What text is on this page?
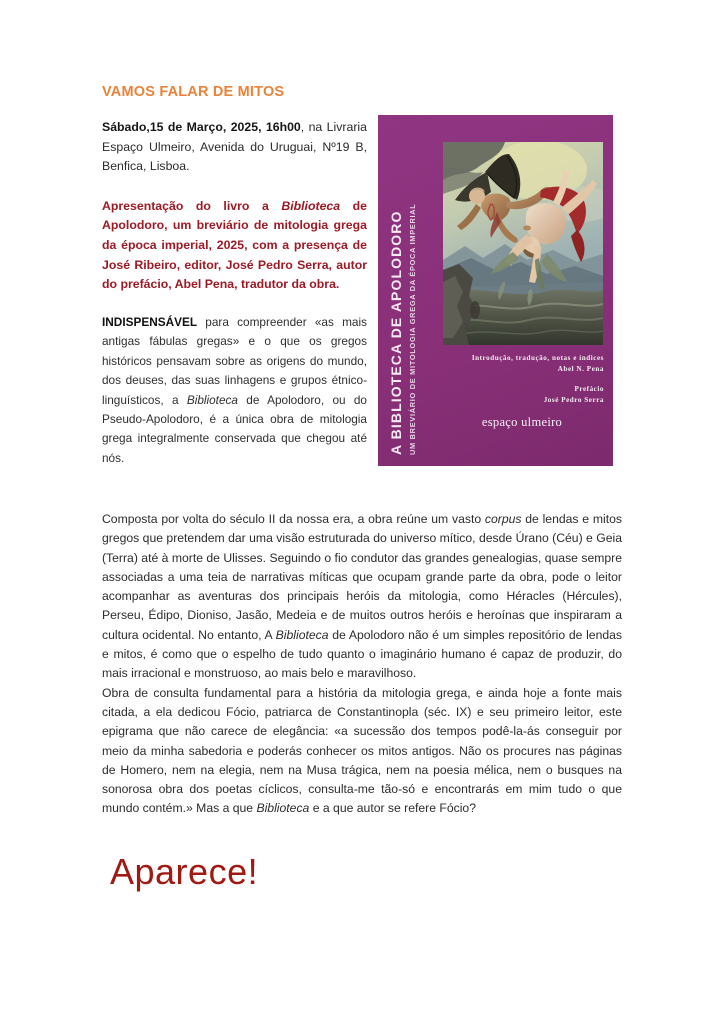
VAMOS FALAR DE MITOS

Sábado,15 de Março, 2025, 16h00, na Livraria Espaço Ulmeiro, Avenida do Uruguai, Nº19 B, Benfica, Lisboa.

Apresentação do livro a Biblioteca de Apolodoro, um breviário de mitologia grega da época imperial, 2025, com a presença de José Ribeiro, editor, José Pedro Serra, autor do prefácio, Abel Pena, tradutor da obra.

INDISPENSÁVEL para compreender «as mais antigas fábulas gregas» e o que os gregos históricos pensavam sobre as origens do mundo, dos deuses, das suas linhagens e grupos étnico-linguísticos, a Biblioteca de Apolodoro, ou do Pseudo-Apolodoro, é a única obra de mitologia grega integralmente conservada que chegou até nós.

A BIBLIOTECA DE APOLODORO UM BREVIÁRIO DE MITOLOGIA GREGA DA ÉPOCA IMPERIAL	Introdução, tradução, notas e índices
Abel N. Pena
Prefácio
José Pedro Serra
espaço ulmeiro

Composta por volta do século II da nossa era, a obra reúne um vasto corpus de lendas e mitos gregos que pretendem dar uma visão estruturada do universo mítico, desde Úrano (Céu) e Geia (Terra) até à morte de Ulisses. Seguindo o fio condutor das grandes genealogias, quase sempre associadas a uma teia de narrativas míticas que ocupam grande parte da obra, pode o leitor acompanhar as aventuras dos principais heróis da mitologia, como Héracles (Hércules), Perseu, Édipo, Dioniso, Jasão, Medeia e de muitos outros heróis e heroínas que inspiraram a cultura ocidental. No entanto, A Biblioteca de Apolodoro não é um simples repositório de lendas e mitos, é como que o espelho de tudo quanto o imaginário humano é capaz de produzir, do mais irracional e monstruoso, ao mais belo e maravilhoso.

Obra de consulta fundamental para a história da mitologia grega, e ainda hoje a fonte mais citada, a ela dedicou Fócio, patriarca de Constantinopla (séc. IX) e seu primeiro leitor, este epigrama que não carece de elegância: «a sucessão dos tempos podê-la-ás conseguir por meio da minha sabedoria e poderás conhecer os mitos antigos. Não os procures nas páginas de Homero, nem na elegia, nem na Musa trágica, nem na poesia mélica, nem o busques na sonorosa obra dos poetas cíclicos, consulta-me tão-só e encontrarás em mim tudo o que mundo contém.» Mas a que Biblioteca e a que autor se refere Fócio?

Aparece!
